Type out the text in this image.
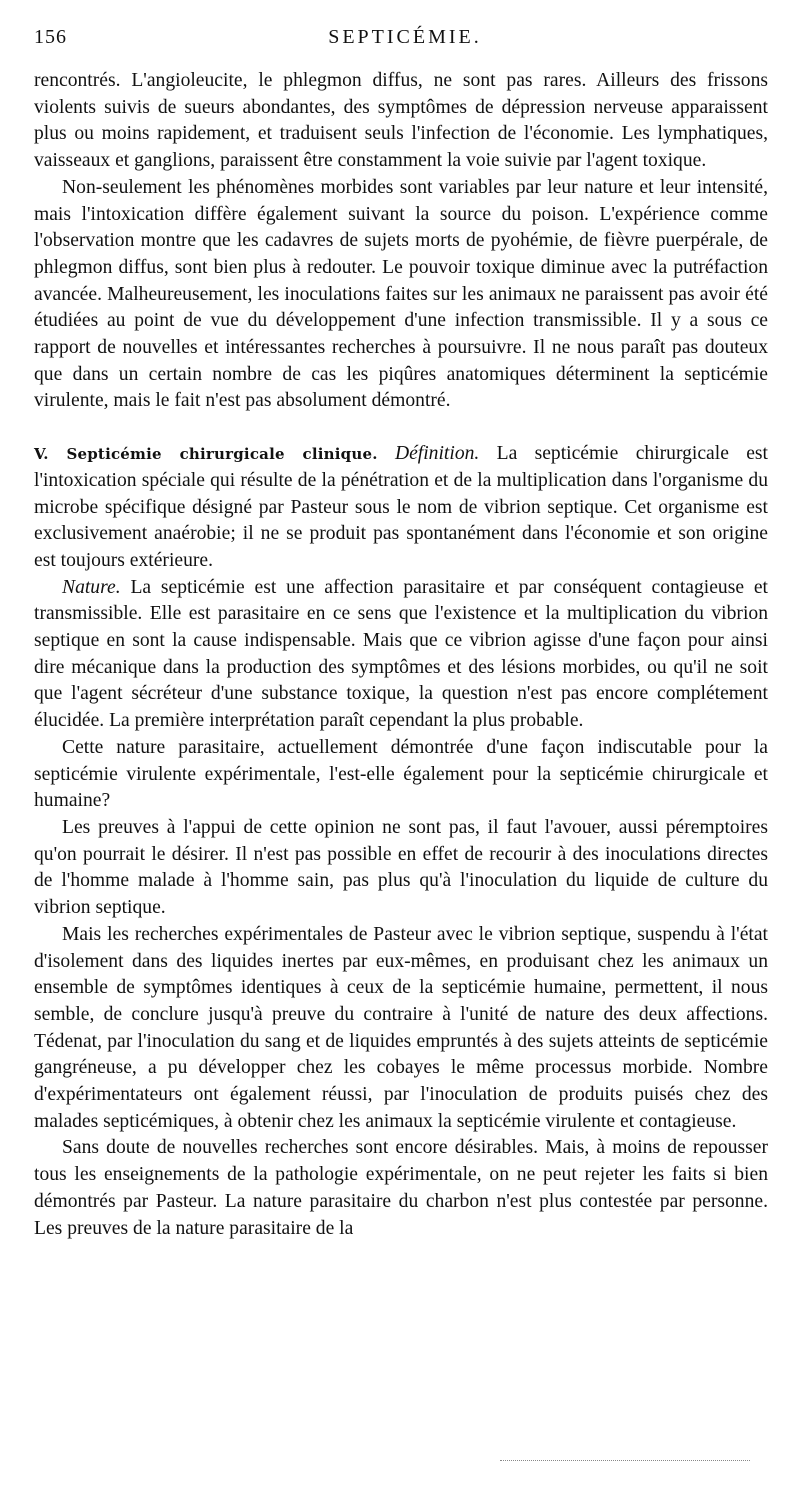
156	SEPTICÉMIE.

rencontrés. L'angioleucite, le phlegmon diffus, ne sont pas rares. Ailleurs des frissons violents suivis de sueurs abondantes, des symptômes de dépression nerveuse apparaissent plus ou moins rapidement, et traduisent seuls l'infection de l'économie. Les lymphatiques, vaisseaux et ganglions, paraissent être constamment la voie suivie par l'agent toxique.

Non-seulement les phénomènes morbides sont variables par leur nature et leur intensité, mais l'intoxication diffère également suivant la source du poison. L'expérience comme l'observation montre que les cadavres de sujets morts de pyohémie, de fièvre puerpérale, de phlegmon diffus, sont bien plus à redouter. Le pouvoir toxique diminue avec la putréfaction avancée. Malheureusement, les inoculations faites sur les animaux ne paraissent pas avoir été étudiées au point de vue du développement d'une infection transmissible. Il y a sous ce rapport de nouvelles et intéressantes recherches à poursuivre. Il ne nous paraît pas douteux que dans un certain nombre de cas les piqûres anatomiques déterminent la septicémie virulente, mais le fait n'est pas absolument démontré.

V. Septicémie chirurgicale clinique. Définition. La septicémie chirurgicale est l'intoxication spéciale qui résulte de la pénétration et de la multiplication dans l'organisme du microbe spécifique désigné par Pasteur sous le nom de vibrion septique. Cet organisme est exclusivement anaérobie; il ne se produit pas spontanément dans l'économie et son origine est toujours extérieure.

Nature. La septicémie est une affection parasitaire et par conséquent contagieuse et transmissible. Elle est parasitaire en ce sens que l'existence et la multiplication du vibrion septique en sont la cause indispensable. Mais que ce vibrion agisse d'une façon pour ainsi dire mécanique dans la production des symptômes et des lésions morbides, ou qu'il ne soit que l'agent sécréteur d'une substance toxique, la question n'est pas encore complétement élucidée. La première interprétation paraît cependant la plus probable.

Cette nature parasitaire, actuellement démontrée d'une façon indiscutable pour la septicémie virulente expérimentale, l'est-elle également pour la septicémie chirurgicale et humaine?

Les preuves à l'appui de cette opinion ne sont pas, il faut l'avouer, aussi péremptoires qu'on pourrait le désirer. Il n'est pas possible en effet de recourir à des inoculations directes de l'homme malade à l'homme sain, pas plus qu'à l'inoculation du liquide de culture du vibrion septique.

Mais les recherches expérimentales de Pasteur avec le vibrion septique, suspendu à l'état d'isolement dans des liquides inertes par eux-mêmes, en produisant chez les animaux un ensemble de symptômes identiques à ceux de la septicémie humaine, permettent, il nous semble, de conclure jusqu'à preuve du contraire à l'unité de nature des deux affections. Tédenat, par l'inoculation du sang et de liquides empruntés à des sujets atteints de septicémie gangréneuse, a pu développer chez les cobayes le même processus morbide. Nombre d'expérimentateurs ont également réussi, par l'inoculation de produits puisés chez des malades septicémiques, à obtenir chez les animaux la septicémie virulente et contagieuse.

Sans doute de nouvelles recherches sont encore désirables. Mais, à moins de repousser tous les enseignements de la pathologie expérimentale, on ne peut rejeter les faits si bien démontrés par Pasteur. La nature parasitaire du charbon n'est plus contestée par personne. Les preuves de la nature parasitaire de la
